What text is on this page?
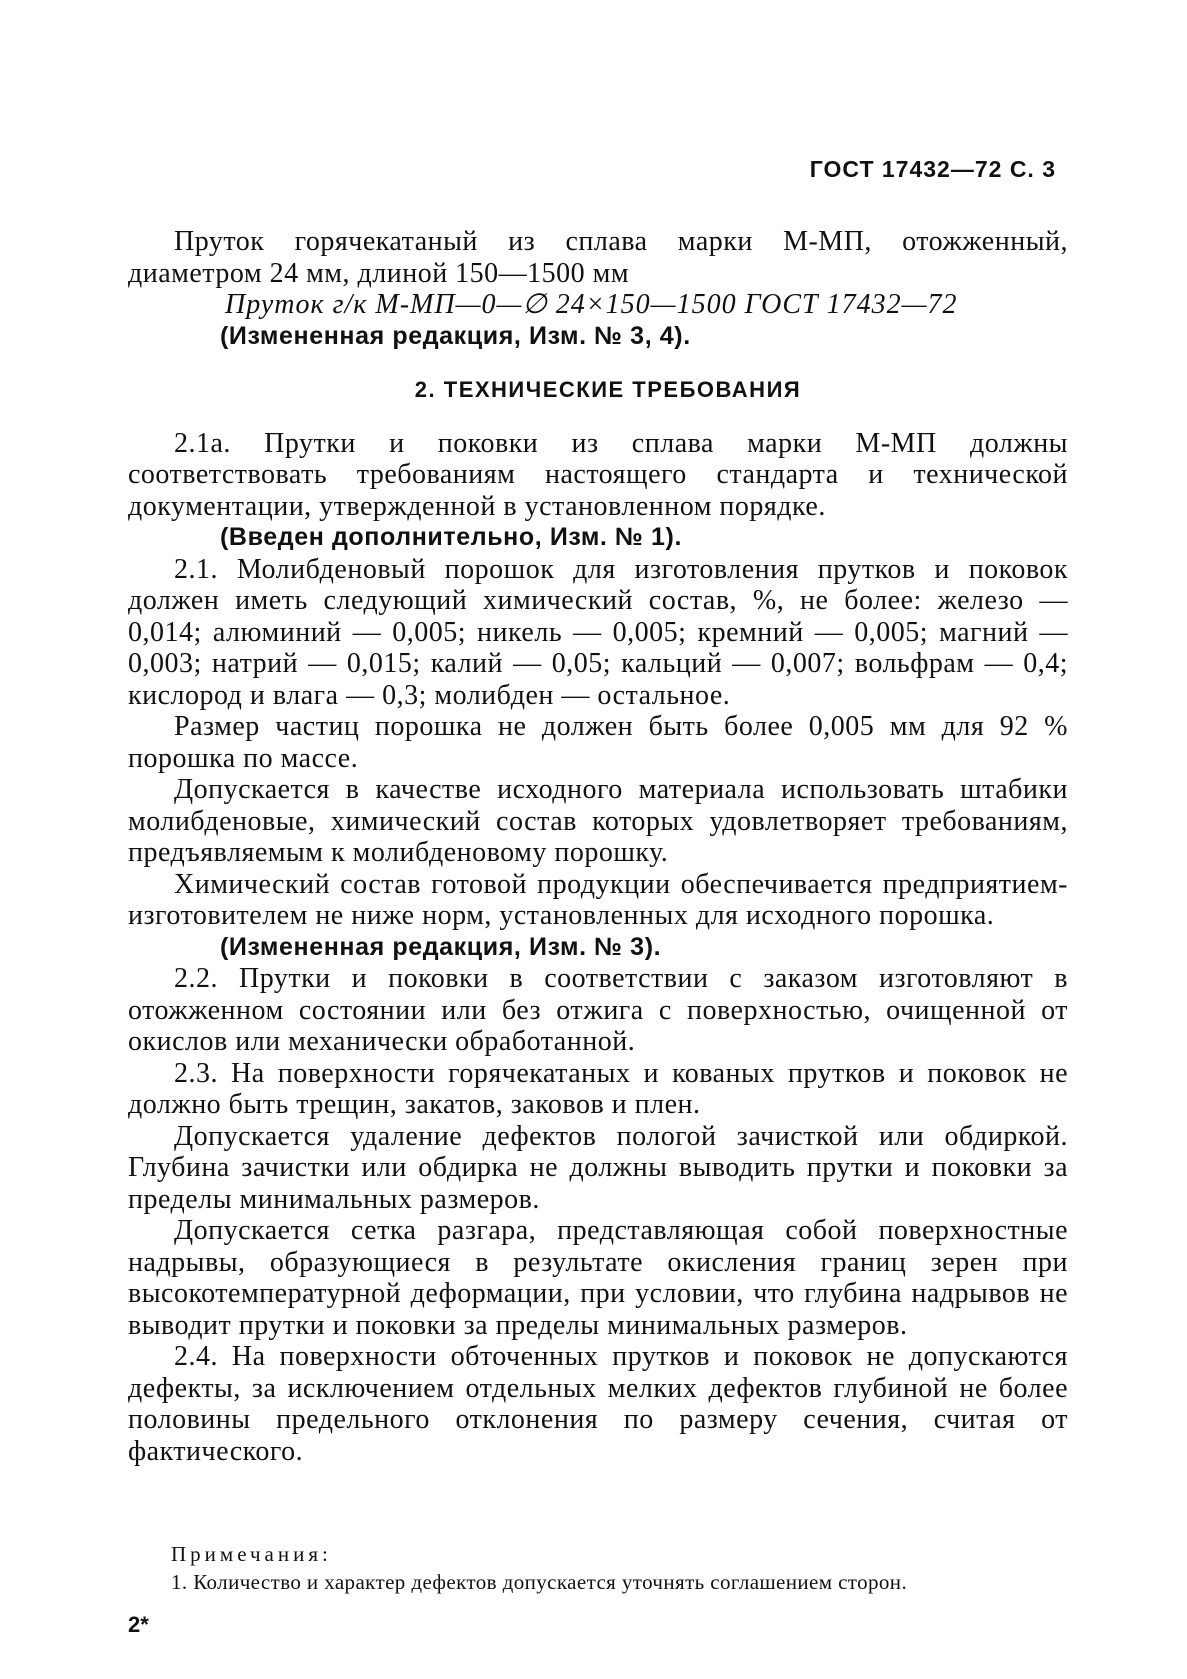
ГОСТ 17432—72 С. 3

Пруток горячекатаный из сплава марки М-МП, отожженный, диаметром 24 мм, длиной 150—1500 мм

Пруток г/к М-МП—0—∅ 24×150—1500 ГОСТ 17432—72

(Измененная редакция, Изм. № 3, 4).

2. ТЕХНИЧЕСКИЕ ТРЕБОВАНИЯ

2.1а. Прутки и поковки из сплава марки М-МП должны соответствовать требованиям настоящего стандарта и технической документации, утвержденной в установленном порядке.

(Введен дополнительно, Изм. № 1).

2.1. Молибденовый порошок для изготовления прутков и поковок должен иметь следующий химический состав, %, не более: железо — 0,014; алюминий — 0,005; никель — 0,005; кремний — 0,005; магний — 0,003; натрий — 0,015; калий — 0,05; кальций — 0,007; вольфрам — 0,4; кислород и влага — 0,3; молибден — остальное.

Размер частиц порошка не должен быть более 0,005 мм для 92 % порошка по массе.

Допускается в качестве исходного материала использовать штабики молибденовые, химический состав которых удовлетворяет требованиям, предъявляемым к молибденовому порошку.

Химический состав готовой продукции обеспечивается предприятием-изготовителем не ниже норм, установленных для исходного порошка.

(Измененная редакция, Изм. № 3).

2.2. Прутки и поковки в соответствии с заказом изготовляют в отожженном состоянии или без отжига с поверхностью, очищенной от окислов или механически обработанной.

2.3. На поверхности горячекатаных и кованых прутков и поковок не должно быть трещин, закатов, заковов и плен.

Допускается удаление дефектов пологой зачисткой или обдиркой. Глубина зачистки или обдирка не должны выводить прутки и поковки за пределы минимальных размеров.

Допускается сетка разгара, представляющая собой поверхностные надрывы, образующиеся в результате окисления границ зерен при высокотемпературной деформации, при условии, что глубина надрывов не выводит прутки и поковки за пределы минимальных размеров.

2.4. На поверхности обточенных прутков и поковок не допускаются дефекты, за исключением отдельных мелких дефектов глубиной не более половины предельного отклонения по размеру сечения, считая от фактического.

Примечания:

1. Количество и характер дефектов допускается уточнять соглашением сторон.

2*
